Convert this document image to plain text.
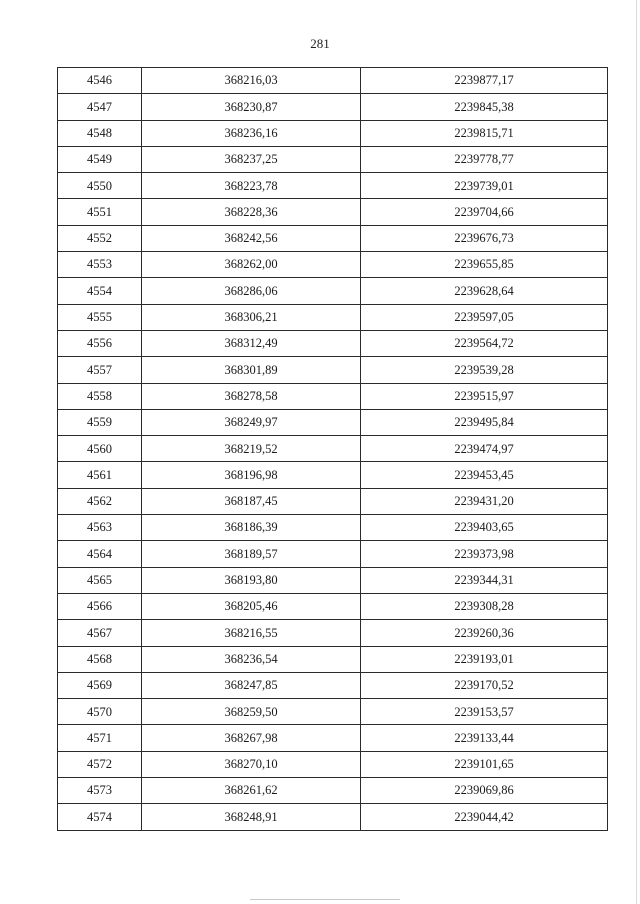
281
4546	368216,03	2239877,17
4547	368230,87	2239845,38
4548	368236,16	2239815,71
4549	368237,25	2239778,77
4550	368223,78	2239739,01
4551	368228,36	2239704,66
4552	368242,56	2239676,73
4553	368262,00	2239655,85
4554	368286,06	2239628,64
4555	368306,21	2239597,05
4556	368312,49	2239564,72
4557	368301,89	2239539,28
4558	368278,58	2239515,97
4559	368249,97	2239495,84
4560	368219,52	2239474,97
4561	368196,98	2239453,45
4562	368187,45	2239431,20
4563	368186,39	2239403,65
4564	368189,57	2239373,98
4565	368193,80	2239344,31
4566	368205,46	2239308,28
4567	368216,55	2239260,36
4568	368236,54	2239193,01
4569	368247,85	2239170,52
4570	368259,50	2239153,57
4571	368267,98	2239133,44
4572	368270,10	2239101,65
4573	368261,62	2239069,86
4574	368248,91	2239044,42
